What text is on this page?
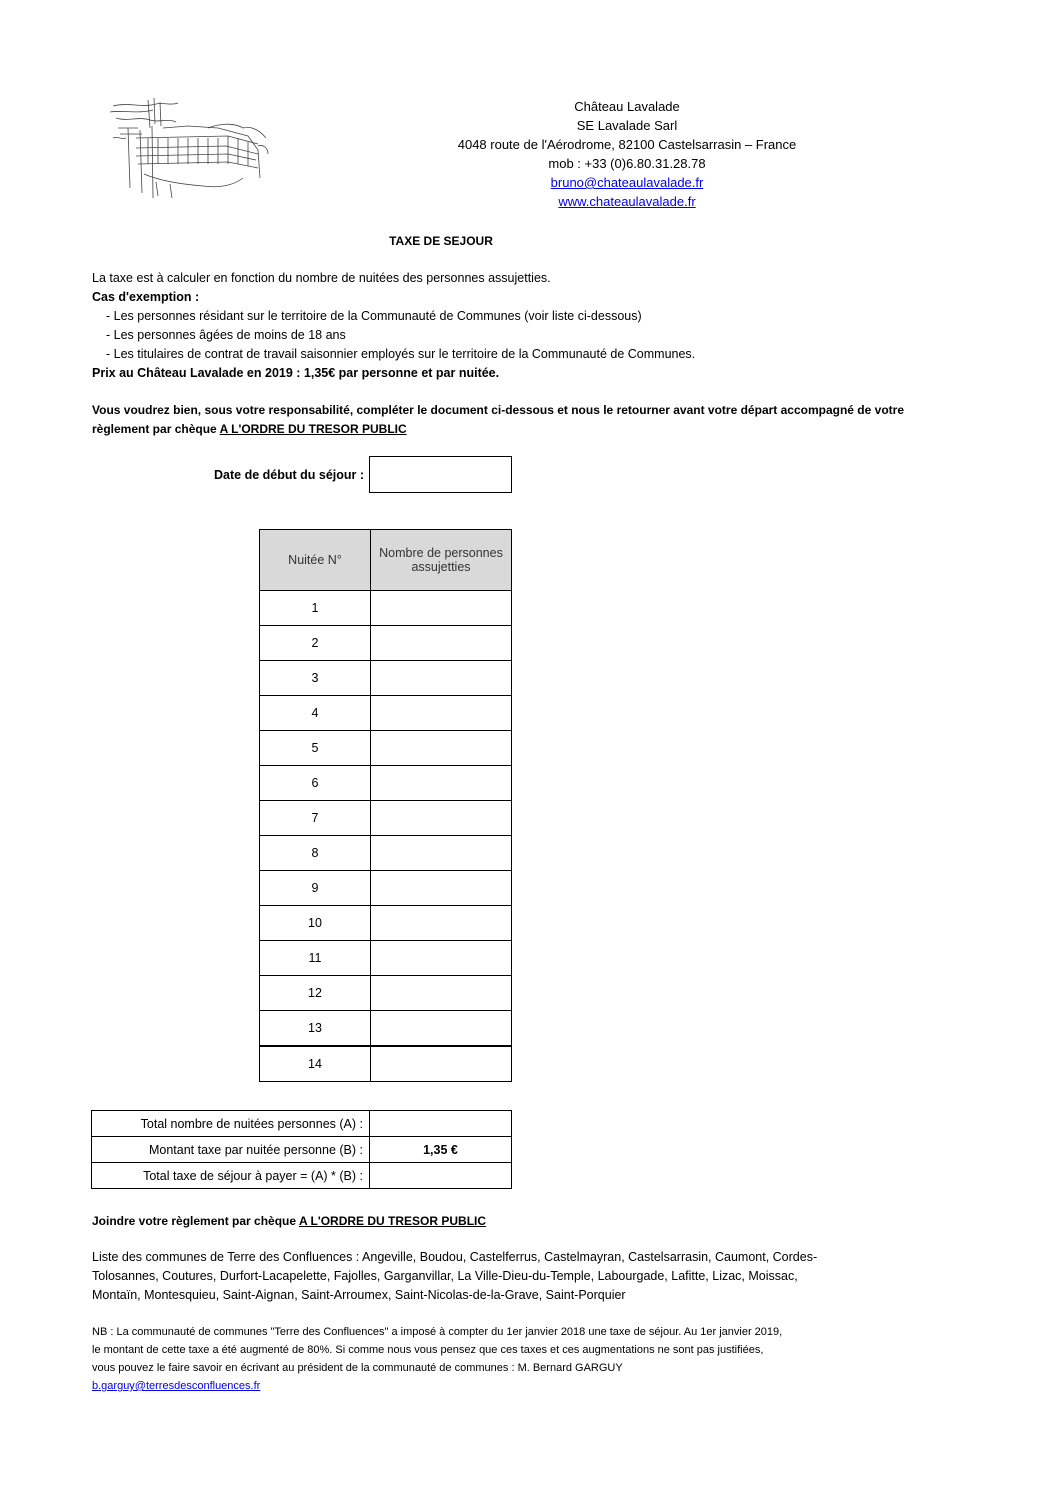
Château Lavalade
SE Lavalade Sarl
4048 route de l'Aérodrome, 82100 Castelsarrasin – France
mob : +33 (0)6.80.31.28.78
bruno@chateaulavalade.fr
www.chateaulavalade.fr
TAXE DE SEJOUR
La taxe est à calculer en fonction du nombre de nuitées des personnes assujetties.
Cas d'exemption :
- Les personnes résidant sur le territoire de la Communauté de Communes (voir liste ci-dessous)
- Les personnes âgées de moins de 18 ans
- Les titulaires de contrat de travail saisonnier employés sur le territoire de la Communauté de Communes.
Prix au Château Lavalade en 2019 : 1,35€ par personne et par nuitée.
Vous voudrez bien, sous votre responsabilité, compléter le document ci-dessous et nous le retourner avant votre départ accompagné de votre
règlement par chèque A L'ORDRE DU TRESOR PUBLIC
Date de début du séjour :
Nuitée N°	Nombre de personnes assujetties
1	
2	
3	
4	
5	
6	
7	
8	
9	
10	
11	
12	
13	
14	
Total nombre de nuitées personnes (A) :	
Montant taxe par nuitée personne (B) :	1,35 €
Total taxe de séjour à payer = (A) * (B) :	
Joindre votre règlement par chèque A L'ORDRE DU TRESOR PUBLIC
Liste des communes de Terre des Confluences : Angeville, Boudou, Castelferrus, Castelmayran, Castelsarrasin, Caumont, Cordes-
Tolosannes, Coutures, Durfort-Lacapelette, Fajolles, Garganvillar, La Ville-Dieu-du-Temple, Labourgade, Lafitte, Lizac, Moissac,
Montaïn, Montesquieu, Saint-Aignan, Saint-Arroumex, Saint-Nicolas-de-la-Grave, Saint-Porquier
NB : La communauté de communes "Terre des Confluences" a imposé à compter du 1er janvier 2018 une taxe de séjour. Au 1er janvier 2019,
le montant de cette taxe a été augmenté de 80%. Si comme nous vous pensez que ces taxes et ces augmentations ne sont pas justifiées,
vous pouvez le faire savoir en écrivant au président de la communauté de communes : M. Bernard GARGUY
b.garguy@terresdesconfluences.fr
